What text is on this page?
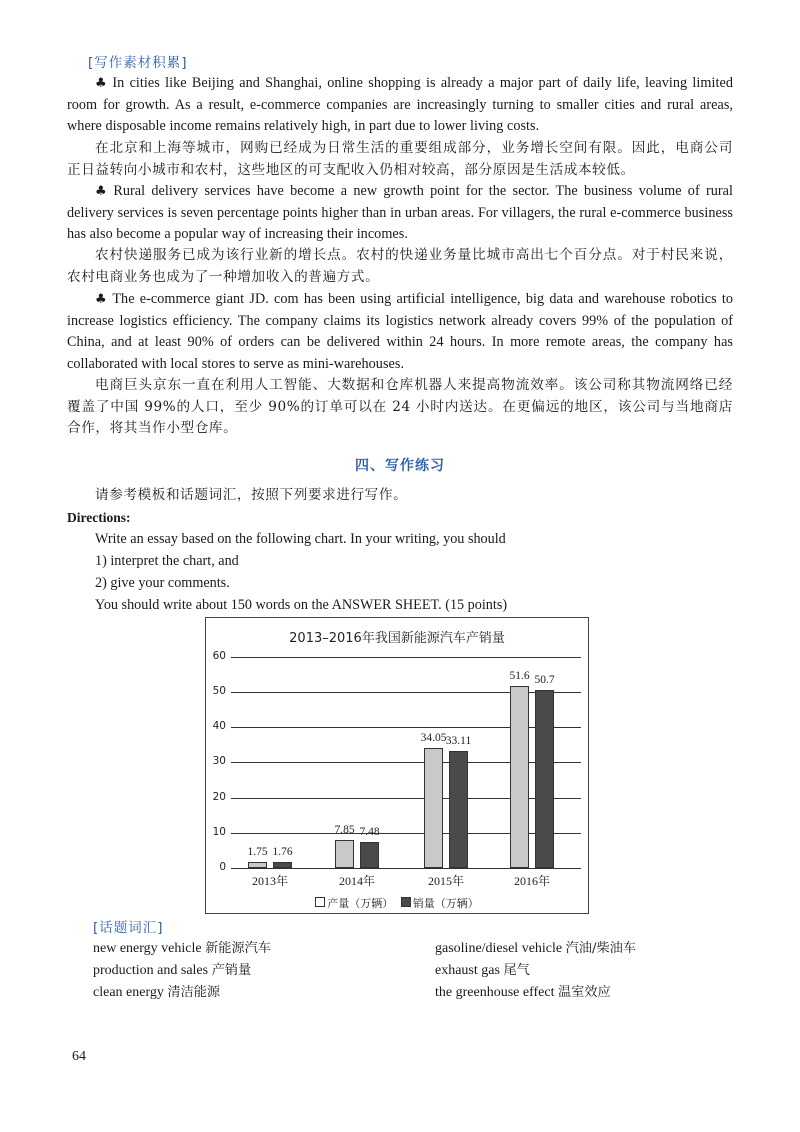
[写作素材积累]
♣ In cities like Beijing and Shanghai, online shopping is already a major part of daily life, leaving limited room for growth. As a result, e-commerce companies are increasingly turning to smaller cities and rural areas, where disposable income remains relatively high, in part due to lower living costs.
在北京和上海等城市，网购已经成为日常生活的重要组成部分，业务增长空间有限。因此，电商公司正日益转向小城市和农村，这些地区的可支配收入仍相对较高，部分原因是生活成本较低。
♣ Rural delivery services have become a new growth point for the sector. The business volume of rural delivery services is seven percentage points higher than in urban areas. For villagers, the rural e-commerce business has also become a popular way of increasing their incomes.
农村快递服务已成为该行业新的增长点。农村的快递业务量比城市高出七个百分点。对于村民来说，农村电商业务也成为了一种增加收入的普遍方式。
♣ The e-commerce giant JD. com has been using artificial intelligence, big data and warehouse robotics to increase logistics efficiency. The company claims its logistics network already covers 99% of the population of China, and at least 90% of orders can be delivered within 24 hours. In more remote areas, the company has collaborated with local stores to serve as mini-warehouses.
电商巨头京东一直在利用人工智能、大数据和仓库机器人来提高物流效率。该公司称其物流网络已经覆盖了中国 99%的人口，至少 90%的订单可以在 24 小时内送达。在更偏远的地区，该公司与当地商店合作，将其当作小型仓库。
四、写作练习
请参考模板和话题词汇，按照下列要求进行写作。
Directions:
Write an essay based on the following chart. In your writing, you should
1) interpret the chart, and
2) give your comments.
You should write about 150 words on the ANSWER SHEET. (15 points)
2013–2016年我国新能源汽车产销量
0
10
20
30
40
50
60
1.75 1.76
2013年
7.85 7.48
2014年
34.05 33.11
2015年
51.6 50.7
2016年
产量（万辆） 销量（万辆）
[话题词汇]
new energy vehicle 新能源汽车
production and sales 产销量
clean energy 清洁能源
gasoline/diesel vehicle 汽油/柴油车
exhaust gas 尾气
the greenhouse effect 温室效应
64
